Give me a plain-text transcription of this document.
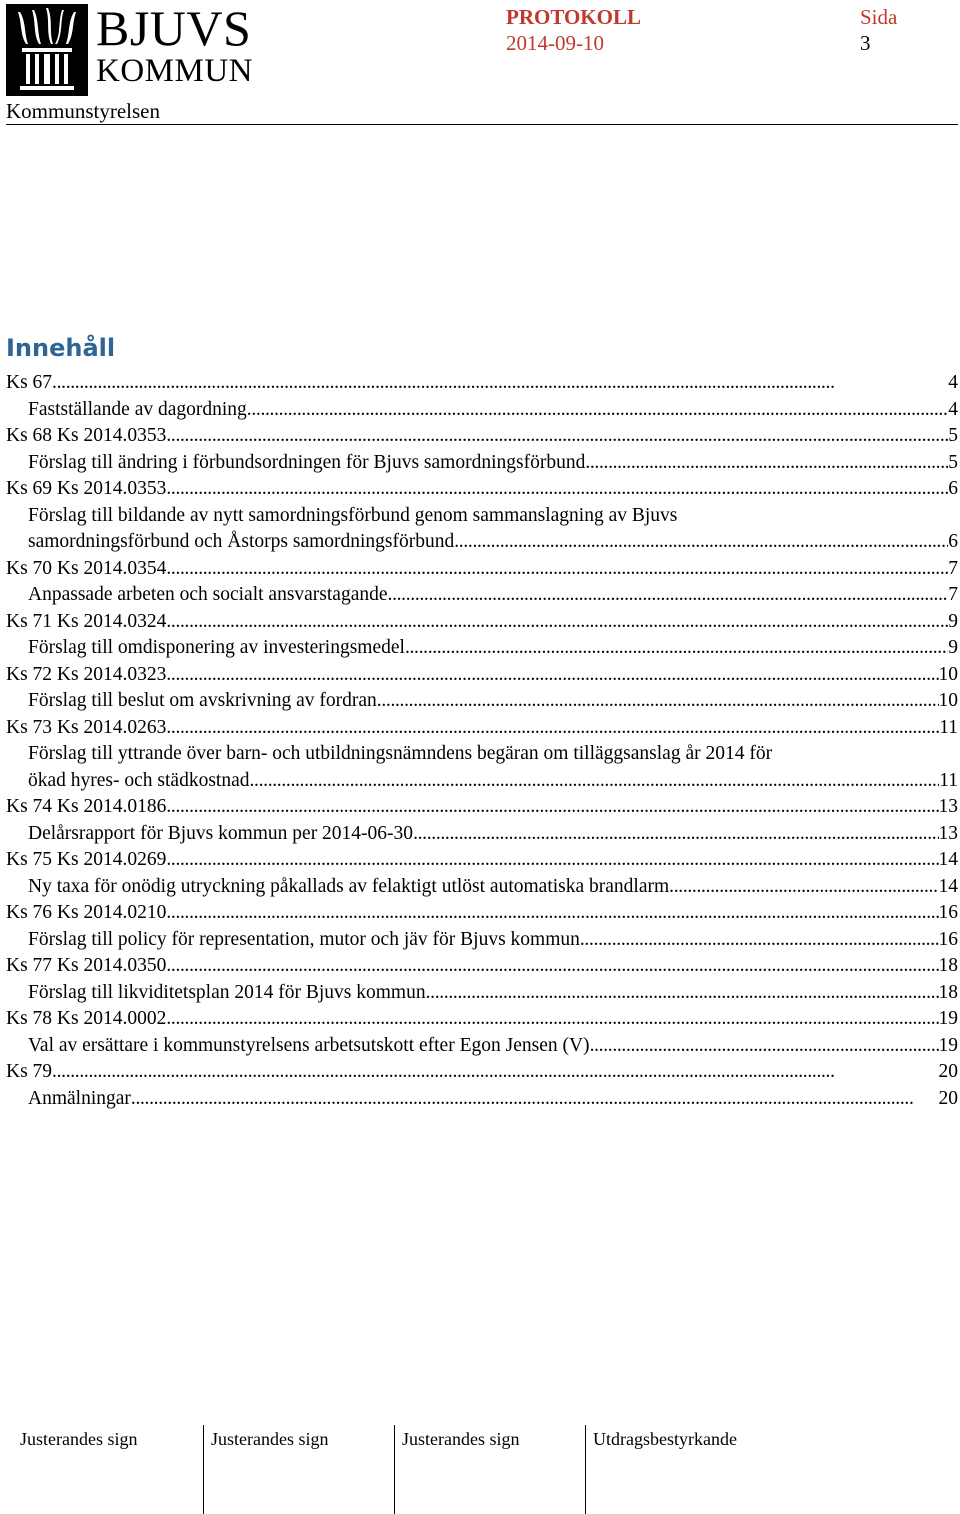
BJUVS
KOMMUN
PROTOKOLL
2014-09-10
Sida
3
Kommunstyrelsen
Innehåll
Ks 67 . . .	4
Fastställande av dagordning . . .	4
Ks 68 Ks 2014.0353 . . .	5
Förslag till ändring i förbundsordningen för Bjuvs samordningsförbund . . .	5
Ks 69 Ks 2014.0353 . . .	6
Förslag till bildande av nytt samordningsförbund genom sammanslagning av Bjuvs
samordningsförbund och Åstorps samordningsförbund . . .	6
Ks 70 Ks 2014.0354 . . .	7
Anpassade arbeten och socialt ansvarstagande . . .	7
Ks 71 Ks 2014.0324 . . .	9
Förslag till omdisponering av investeringsmedel . . .	9
Ks 72 Ks 2014.0323 . . .	10
Förslag till beslut om avskrivning av fordran . . .	10
Ks 73 Ks 2014.0263 . . .	11
Förslag till yttrande över barn- och utbildningsnämndens begäran om tilläggsanslag år 2014 för
ökad hyres- och städkostnad . . .	11
Ks 74 Ks 2014.0186 . . .	13
Delårsrapport för Bjuvs kommun per 2014-06-30 . . .	13
Ks 75 Ks 2014.0269 . . .	14
Ny taxa för onödig utryckning påkallads av felaktigt utlöst automatiska brandlarm . . .	14
Ks 76 Ks 2014.0210 . . .	16
Förslag till policy för representation, mutor och jäv för Bjuvs kommun . . .	16
Ks 77 Ks 2014.0350 . . .	18
Förslag till likviditetsplan 2014 för Bjuvs kommun . . .	18
Ks 78 Ks 2014.0002 . . .	19
Val av ersättare i kommunstyrelsens arbetsutskott efter Egon Jensen (V) . . .	19
Ks 79 . . .	20
Anmälningar . . .	20
Justerandes sign	Justerandes sign	Justerandes sign	Utdragsbestyrkande
